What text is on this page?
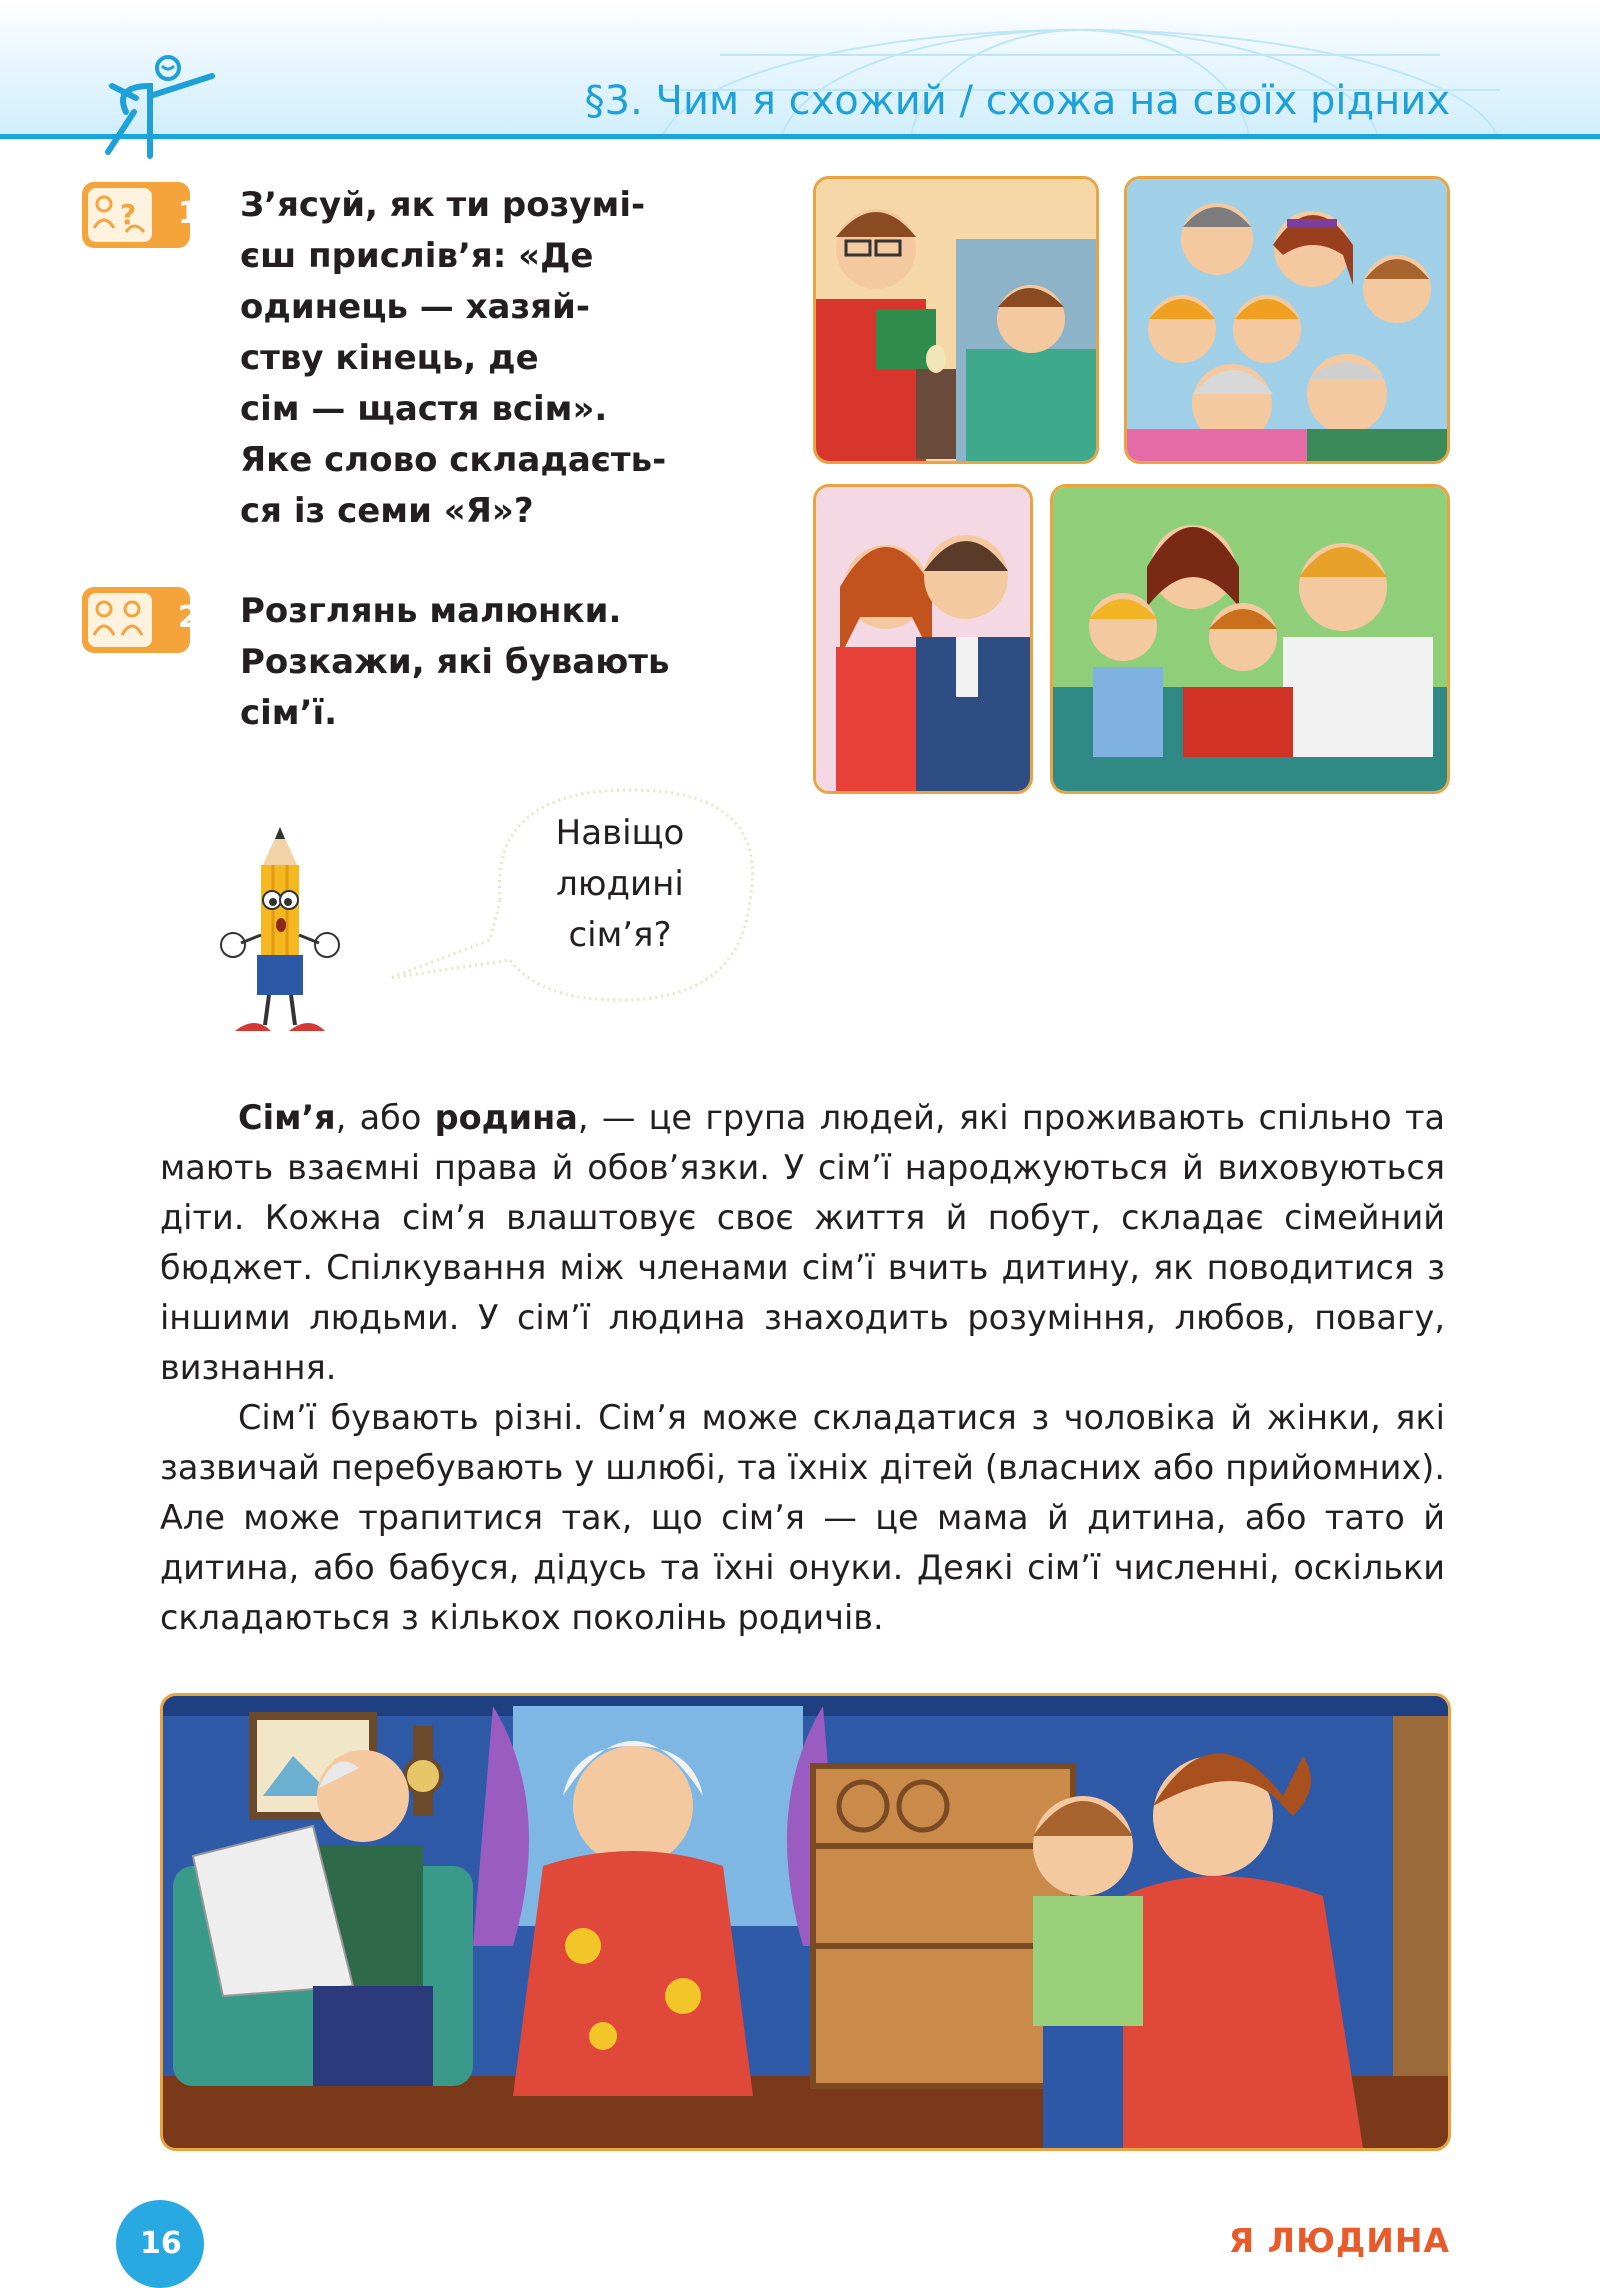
§3. Чим я схожий / схожа на своїх рідних
? 1 З’ясуй, як ти розумі-
єш прислів’я: «Де
одинець — хазяй-
ству кінець, де
сім — щастя всім».
Яке слово складаєть-
ся із семи «Я»?
2 Розглянь малюнки.
Розкажи, які бувають
сім’ї.
Навіщо
людині
сім’я?

Сім’я, або родина, — це група людей, які проживають спільно та мають взаємні права й обов’язки. У сім’ї народжуються й виховуються діти. Кожна сім’я влаштовує своє життя й побут, складає сімейний бюджет. Спілкування між членами сім’ї вчить дитину, як поводитися з іншими людьми. У сім’ї людина знаходить розуміння, любов, повагу, визнання.

Сім’ї бувають різні. Сім’я може складатися з чоловіка й жінки, які зазвичай перебувають у шлюбі, та їхніх дітей (власних або прийомних). Але може трапитися так, що сім’я — це мама й дитина, або тато й дитина, або бабуся, дідусь та їхні онуки. Деякі сім’ї численні, оскільки складаються з кількох поколінь родичів.

16	Я ЛЮДИНА
